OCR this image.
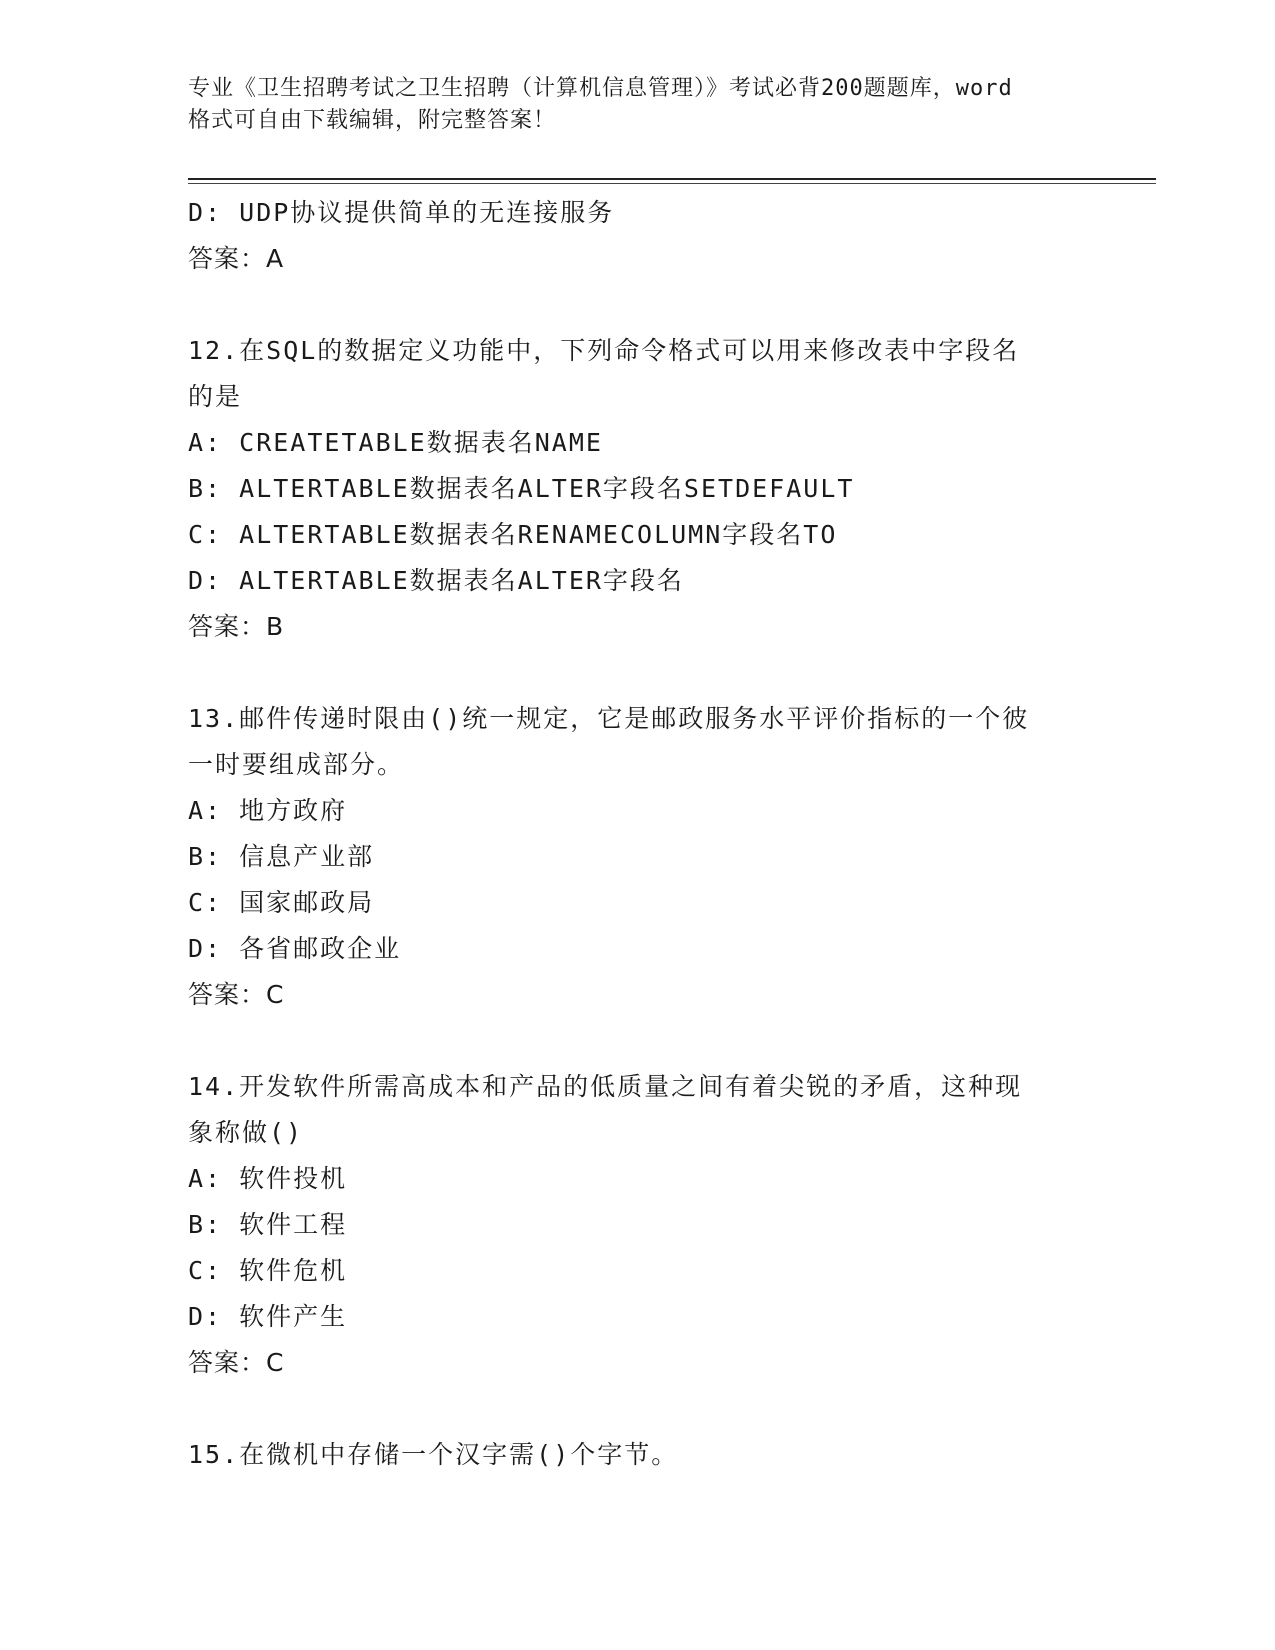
专业《卫生招聘考试之卫生招聘（计算机信息管理）》考试必背200题题库，word
格式可自由下载编辑，附完整答案！
D: UDP协议提供简单的无连接服务
答案：A
12.在SQL的数据定义功能中，下列命令格式可以用来修改表中字段名
的是
A: CREATETABLE数据表名NAME
B: ALTERTABLE数据表名ALTER字段名SETDEFAULT
C: ALTERTABLE数据表名RENAMECOLUMN字段名TO
D: ALTERTABLE数据表名ALTER字段名
答案：B
13.邮件传递时限由()统一规定，它是邮政服务水平评价指标的一个彼
一时要组成部分。
A: 地方政府
B: 信息产业部
C: 国家邮政局
D: 各省邮政企业
答案：C
14.开发软件所需高成本和产品的低质量之间有着尖锐的矛盾，这种现
象称做()
A: 软件投机
B: 软件工程
C: 软件危机
D: 软件产生
答案：C
15.在微机中存储一个汉字需()个字节。
